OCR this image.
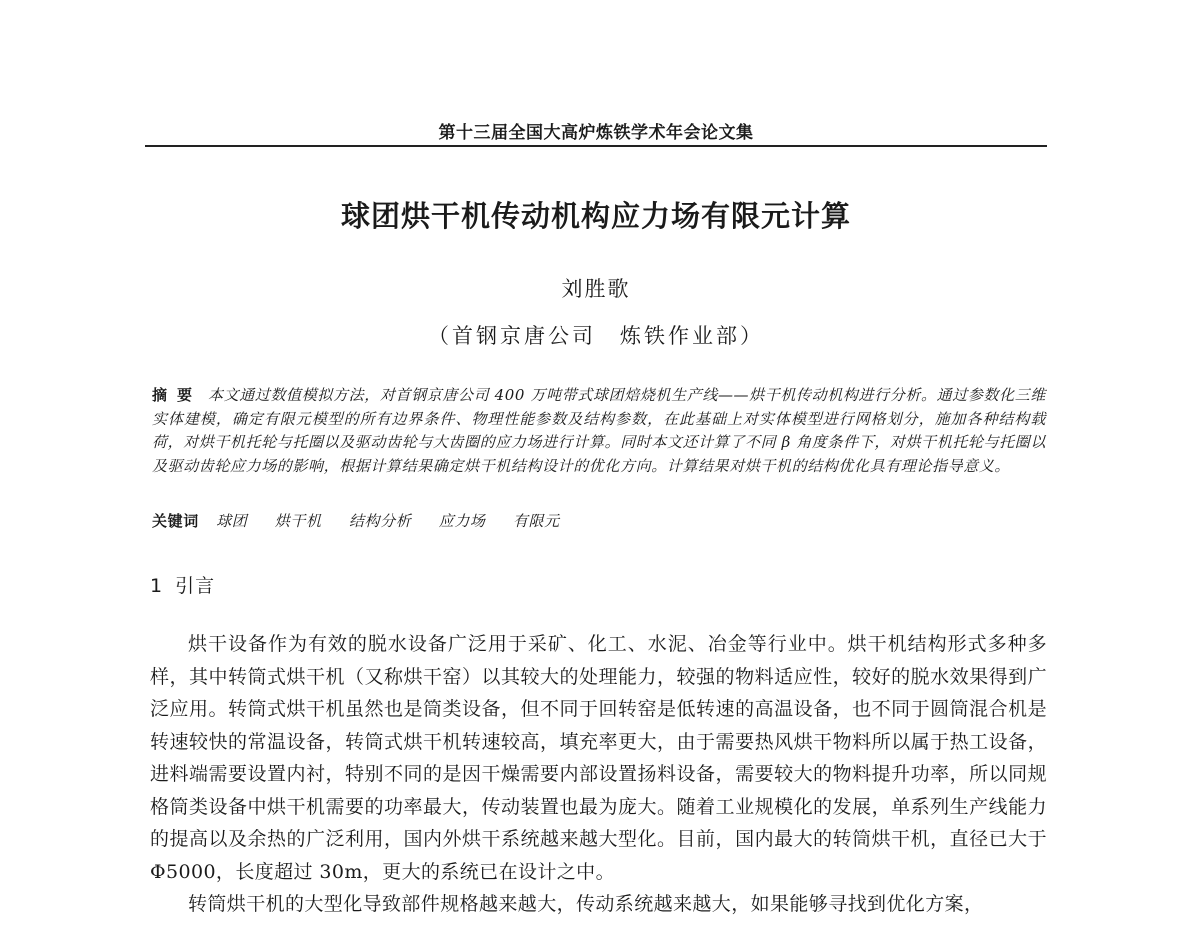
第十三届全国大高炉炼铁学术年会论文集
球团烘干机传动机构应力场有限元计算
刘胜歌
（首钢京唐公司　炼铁作业部）
摘要 本文通过数值模拟方法，对首钢京唐公司 400 万吨带式球团焙烧机生产线——烘干机传动机构进行分析。通过参数化三维实体建模，确定有限元模型的所有边界条件、物理性能参数及结构参数，在此基础上对实体模型进行网格划分，施加各种结构载荷，对烘干机托轮与托圈以及驱动齿轮与大齿圈的应力场进行计算。同时本文还计算了不同 β 角度条件下，对烘干机托轮与托圈以及驱动齿轮应力场的影响，根据计算结果确定烘干机结构设计的优化方向。计算结果对烘干机的结构优化具有理论指导意义。
关键词 球团 烘干机 结构分析 应力场 有限元
1 引言

烘干设备作为有效的脱水设备广泛用于采矿、化工、水泥、冶金等行业中。烘干机结构形式多种多样，其中转筒式烘干机（又称烘干窑）以其较大的处理能力，较强的物料适应性，较好的脱水效果得到广泛应用。转筒式烘干机虽然也是筒类设备，但不同于回转窑是低转速的高温设备，也不同于圆筒混合机是转速较快的常温设备，转筒式烘干机转速较高，填充率更大，由于需要热风烘干物料所以属于热工设备，进料端需要设置内衬，特别不同的是因干燥需要内部设置扬料设备，需要较大的物料提升功率，所以同规格筒类设备中烘干机需要的功率最大，传动装置也最为庞大。随着工业规模化的发展，单系列生产线能力的提高以及余热的广泛利用，国内外烘干系统越来越大型化。目前，国内最大的转筒烘干机，直径已大于 Φ5000，长度超过 30m，更大的系统已在设计之中。

转筒烘干机的大型化导致部件规格越来越大，传动系统越来越大，如果能够寻找到优化方案，
